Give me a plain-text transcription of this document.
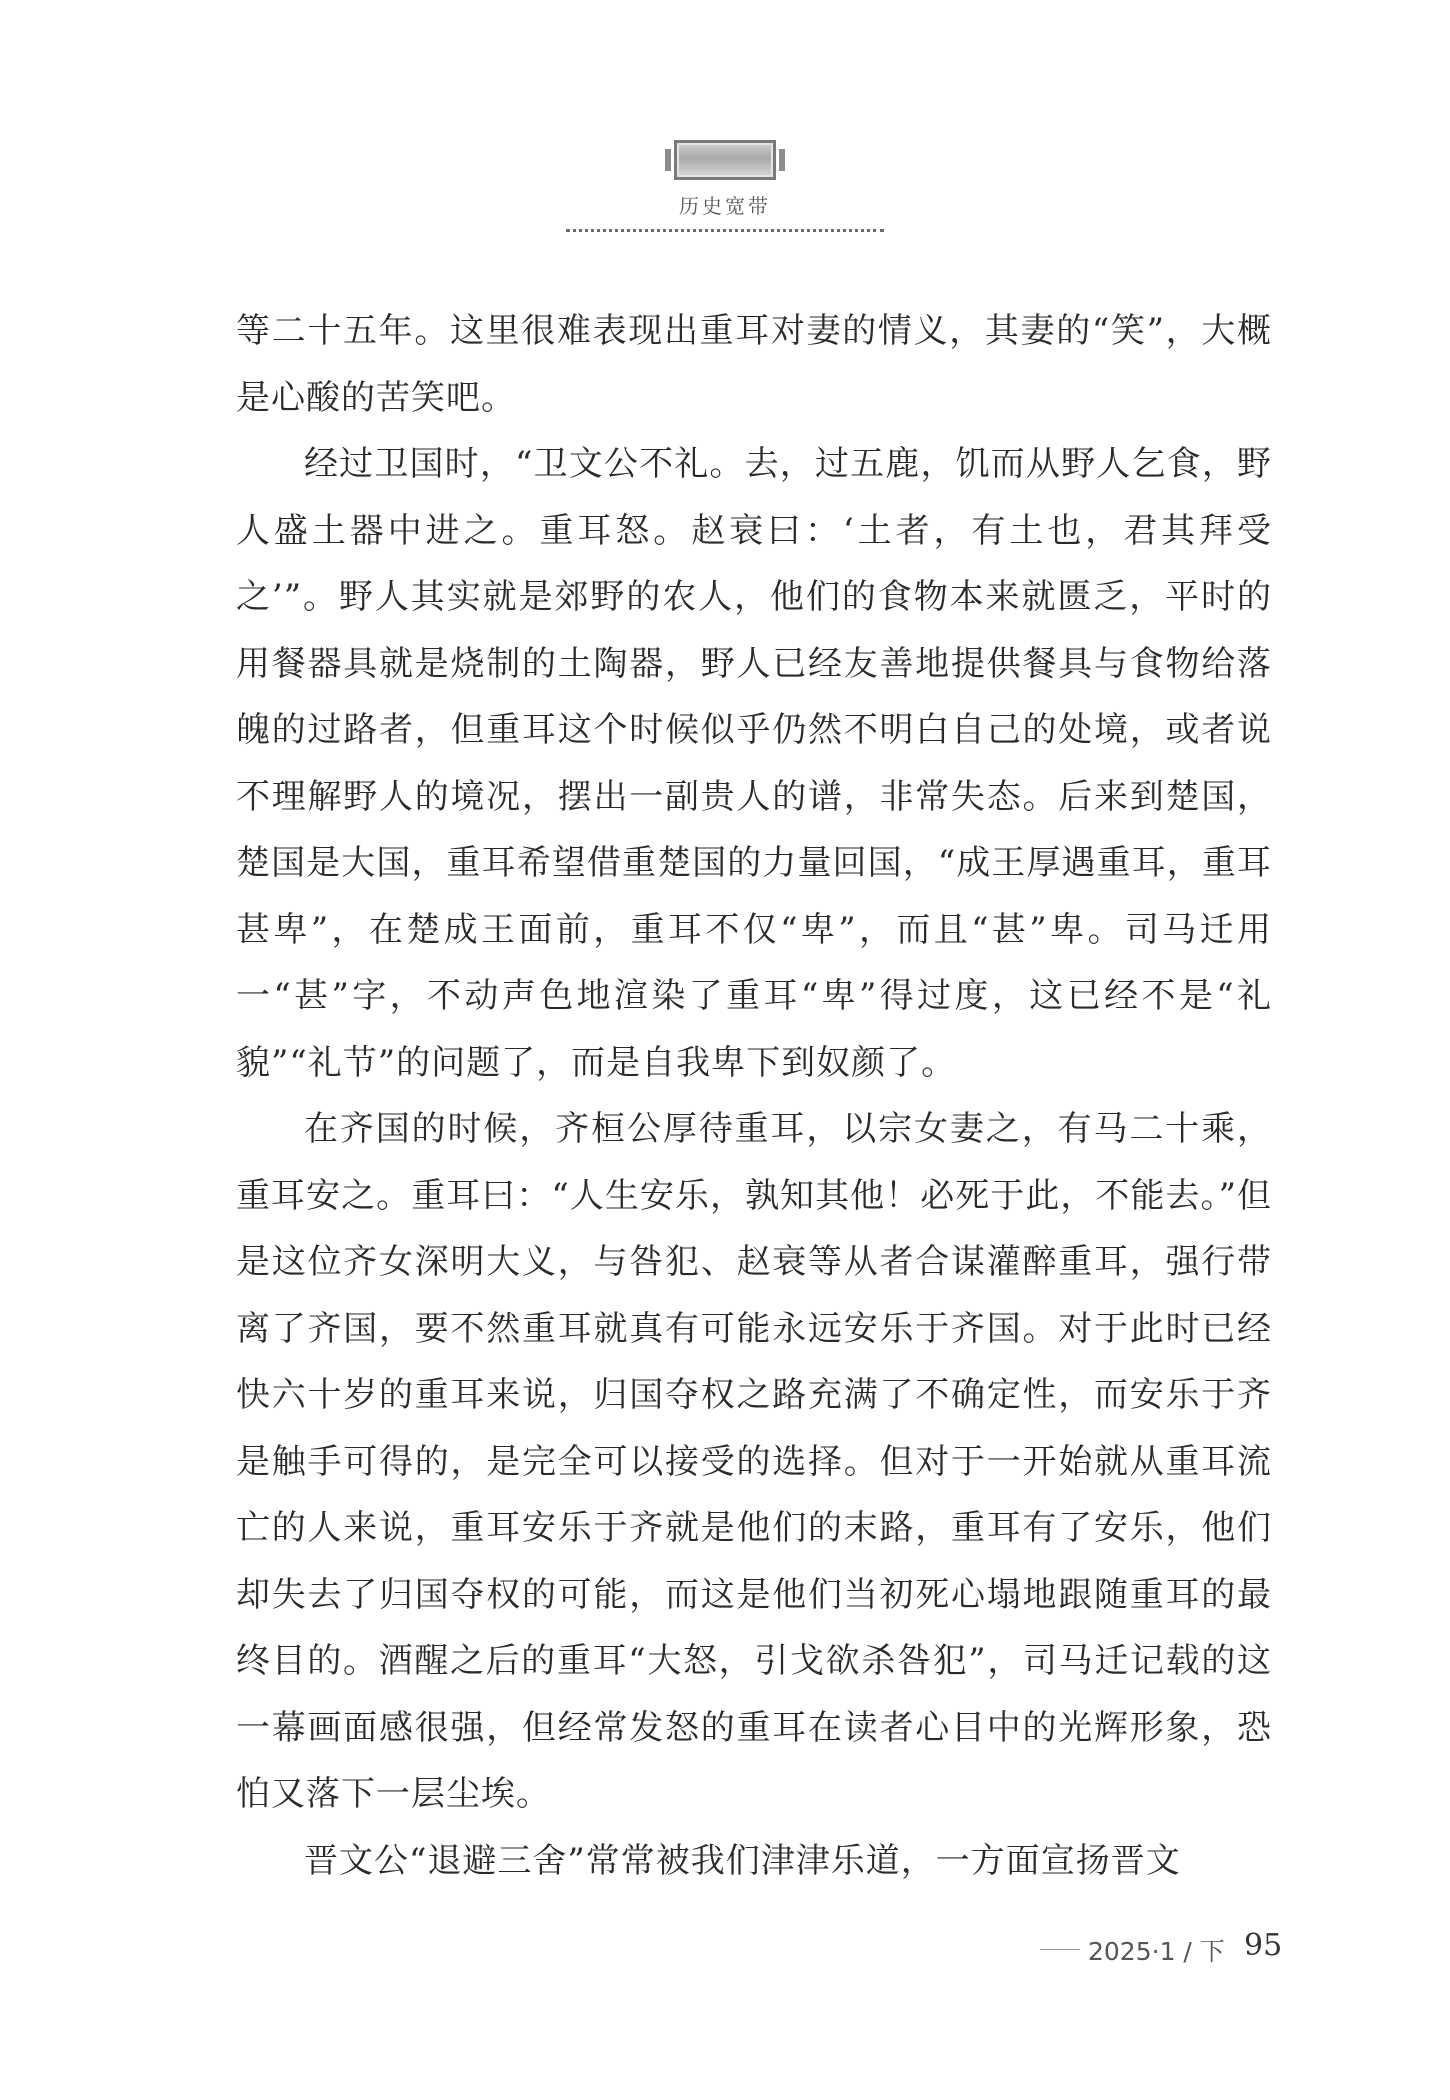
历史宽带

等二十五年。这里很难表现出重耳对妻的情义，其妻的“笑”，大概是心酸的苦笑吧。

经过卫国时，“卫文公不礼。去，过五鹿，饥而从野人乞食，野人盛土器中进之。重耳怒。赵衰曰：‘土者，有土也，君其拜受之’”。野人其实就是郊野的农人，他们的食物本来就匮乏，平时的用餐器具就是烧制的土陶器，野人已经友善地提供餐具与食物给落魄的过路者，但重耳这个时候似乎仍然不明白自己的处境，或者说不理解野人的境况，摆出一副贵人的谱，非常失态。后来到楚国，楚国是大国，重耳希望借重楚国的力量回国，“成王厚遇重耳，重耳甚卑”，在楚成王面前，重耳不仅“卑”，而且“甚”卑。司马迁用一“甚”字，不动声色地渲染了重耳“卑”得过度，这已经不是“礼貌”“礼节”的问题了，而是自我卑下到奴颜了。

在齐国的时候，齐桓公厚待重耳，以宗女妻之，有马二十乘，重耳安之。重耳曰：“人生安乐，孰知其他！必死于此，不能去。”但是这位齐女深明大义，与咎犯、赵衰等从者合谋灌醉重耳，强行带离了齐国，要不然重耳就真有可能永远安乐于齐国。对于此时已经快六十岁的重耳来说，归国夺权之路充满了不确定性，而安乐于齐是触手可得的，是完全可以接受的选择。但对于一开始就从重耳流亡的人来说，重耳安乐于齐就是他们的末路，重耳有了安乐，他们却失去了归国夺权的可能，而这是他们当初死心塌地跟随重耳的最终目的。酒醒之后的重耳“大怒，引戈欲杀咎犯”，司马迁记载的这一幕画面感很强，但经常发怒的重耳在读者心目中的光辉形象，恐怕又落下一层尘埃。

晋文公“退避三舍”常常被我们津津乐道，一方面宣扬晋文

2025·1 / 下 95
